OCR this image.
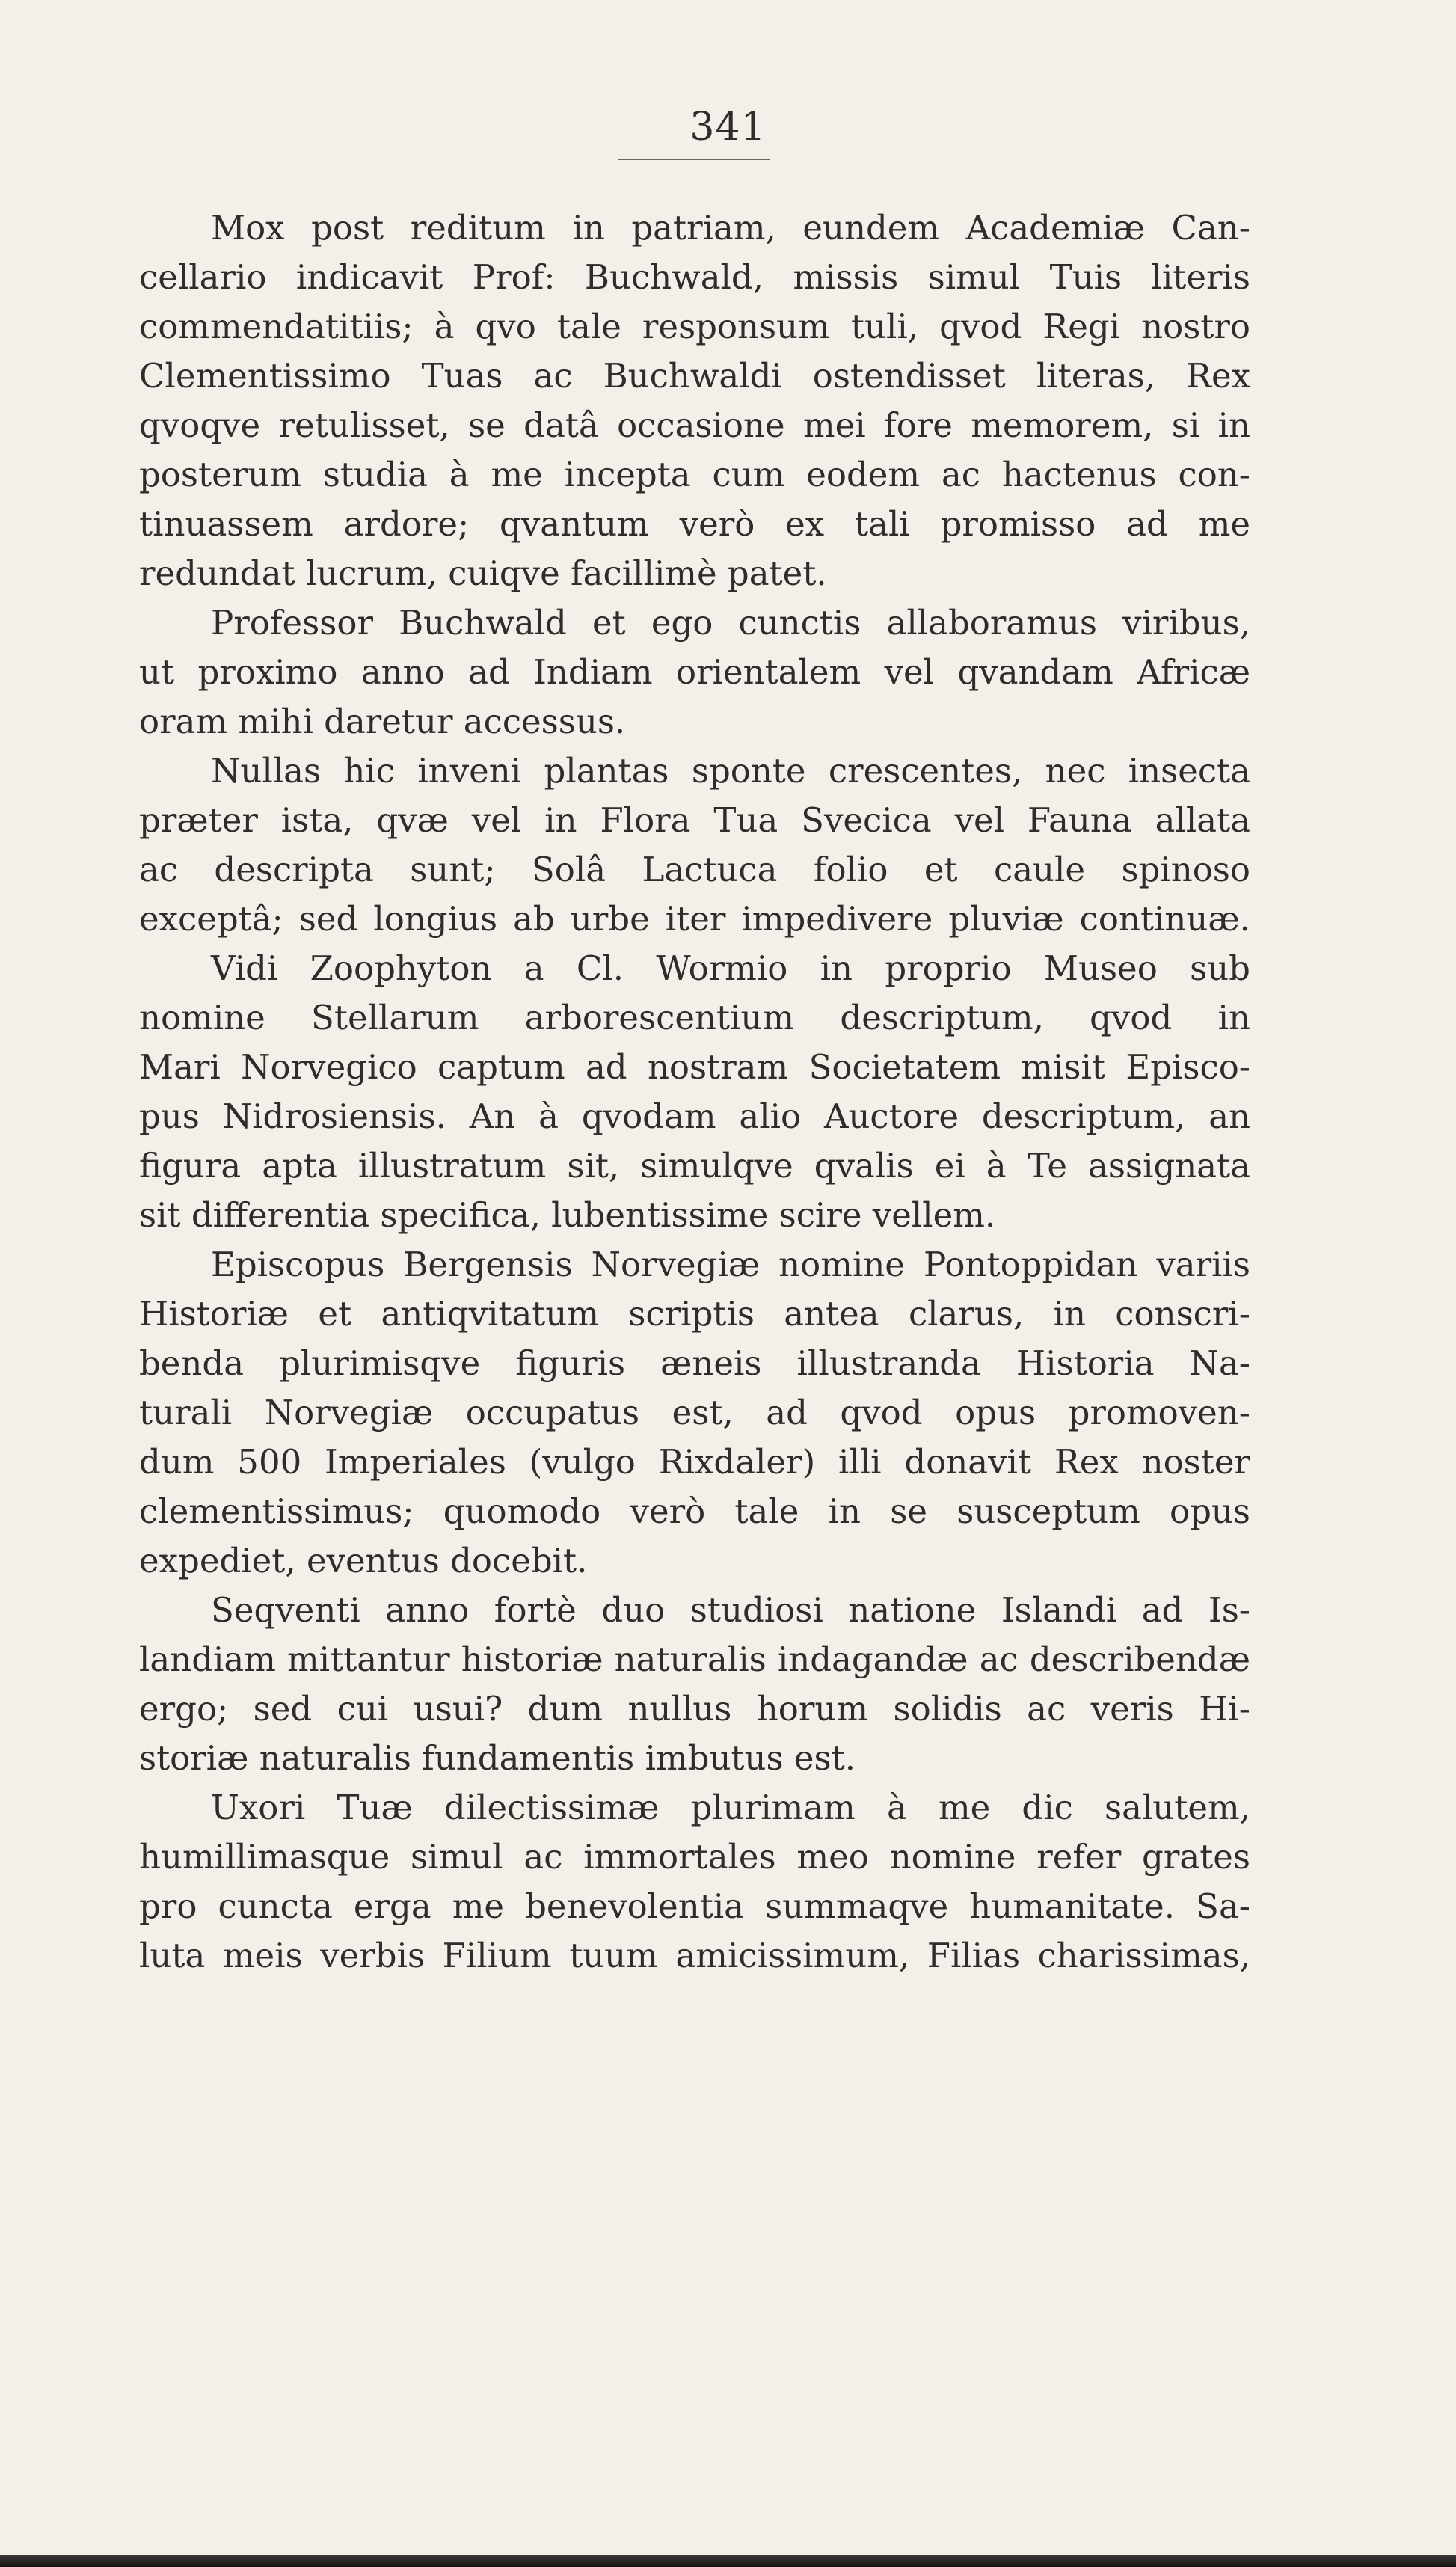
341

Mox post reditum in patriam, eundem Academiæ Can-
cellario indicavit Prof: Buchwald, missis simul Tuis literis
commendatitiis; à qvo tale responsum tuli, qvod Regi nostro
Clementissimo Tuas ac Buchwaldi ostendisset literas, Rex
qvoqve retulisset, se datâ occasione mei fore memorem, si in
posterum studia à me incepta cum eodem ac hactenus con-
tinuassem ardore; qvantum verò ex tali promisso ad me
redundat lucrum, cuiqve facillimè patet.

Professor Buchwald et ego cunctis allaboramus viribus,
ut proximo anno ad Indiam orientalem vel qvandam Africæ
oram mihi daretur accessus.

Nullas hic inveni plantas sponte crescentes, nec insecta
præter ista, qvæ vel in Flora Tua Svecica vel Fauna allata
ac descripta sunt; Solâ Lactuca folio et caule spinoso
exceptâ; sed longius ab urbe iter impedivere pluviæ continuæ.

Vidi Zoophyton a Cl. Wormio in proprio Museo sub
nomine Stellarum arborescentium descriptum, qvod in
Mari Norvegico captum ad nostram Societatem misit Episco-
pus Nidrosiensis. An à qvodam alio Auctore descriptum, an
figura apta illustratum sit, simulqve qvalis ei à Te assignata
sit differentia specifica, lubentissime scire vellem.

Episcopus Bergensis Norvegiæ nomine Pontoppidan variis
Historiæ et antiqvitatum scriptis antea clarus, in conscri-
benda plurimisqve figuris æneis illustranda Historia Na-
turali Norvegiæ occupatus est, ad qvod opus promoven-
dum 500 Imperiales (vulgo Rixdaler) illi donavit Rex noster
clementissimus; quomodo verò tale in se susceptum opus
expediet, eventus docebit.

Seqventi anno fortè duo studiosi natione Islandi ad Is-
landiam mittantur historiæ naturalis indagandæ ac describendæ
ergo; sed cui usui? dum nullus horum solidis ac veris Hi-
storiæ naturalis fundamentis imbutus est.

Uxori Tuæ dilectissimæ plurimam à me dic salutem,
humillimasque simul ac immortales meo nomine refer grates
pro cuncta erga me benevolentia summaqve humanitate. Sa-
luta meis verbis Filium tuum amicissimum, Filias charissimas,
